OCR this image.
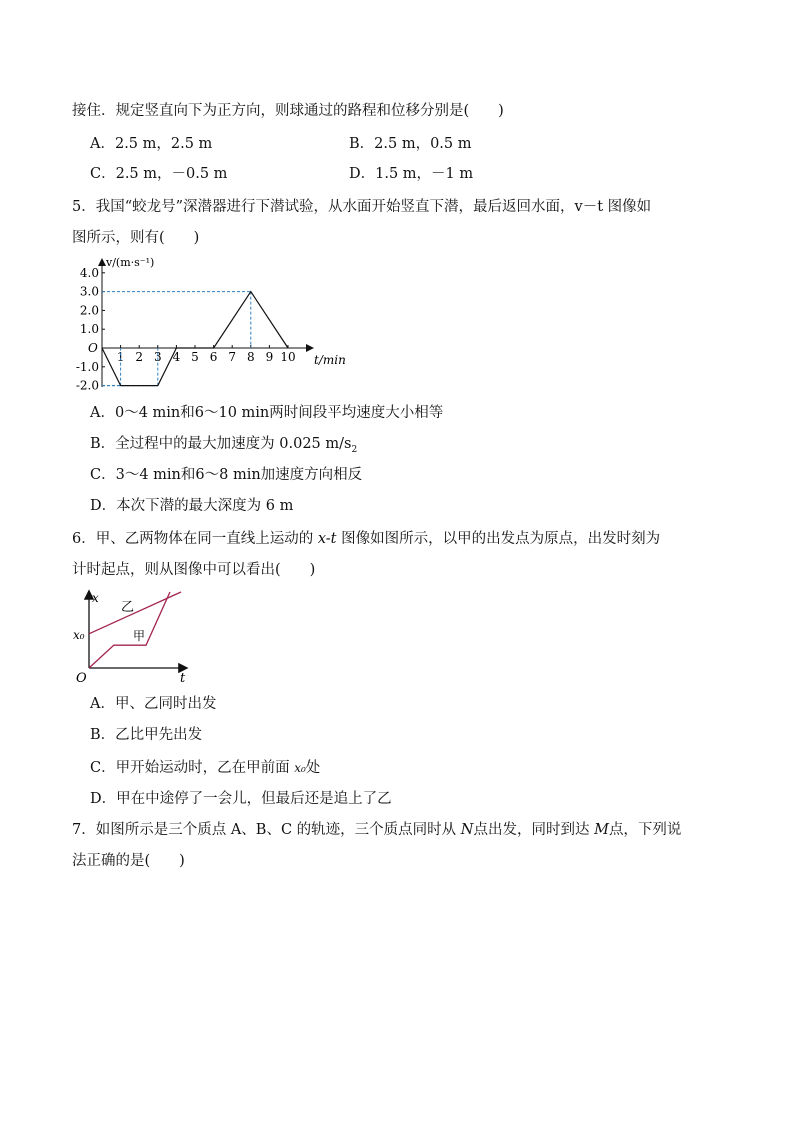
接住．规定竖直向下为正方向，则球通过的路程和位移分别是(　　)
A．2.5 m，2.5 m	B．2.5 m，0.5 m
C．2.5 m，－0.5 m	D．1.5 m，－1 m
5．我国“蛟龙号”深潜器进行下潜试验，从水面开始竖直下潜，最后返回水面，v－t 图像如
图所示，则有(　　)
4.0
3.0
2.0
1.0
-1.0
-2.0
O
1 2 3 4 5 6 7 8 9 10
v/(m·s⁻¹)
t/min
A．0～4 min和6～10 min两时间段平均速度大小相等
B．全过程中的最大加速度为 0.025 $m/s_2$
C．3～4 min和6～8 min加速度方向相反
D．本次下潜的最大深度为 6 m
6．甲、乙两物体在同一直线上运动的 x-t 图像如图所示，以甲的出发点为原点，出发时刻为
计时起点，则从图像中可以看出(　　)
x₀
O
乙
甲
x
t
A．甲、乙同时出发
B．乙比甲先出发
C．甲开始运动时，乙在甲前面 x₀处
D．甲在中途停了一会儿，但最后还是追上了乙
7．如图所示是三个质点 A、B、C 的轨迹，三个质点同时从 N点出发，同时到达 M点，下列说
法正确的是(　　)
